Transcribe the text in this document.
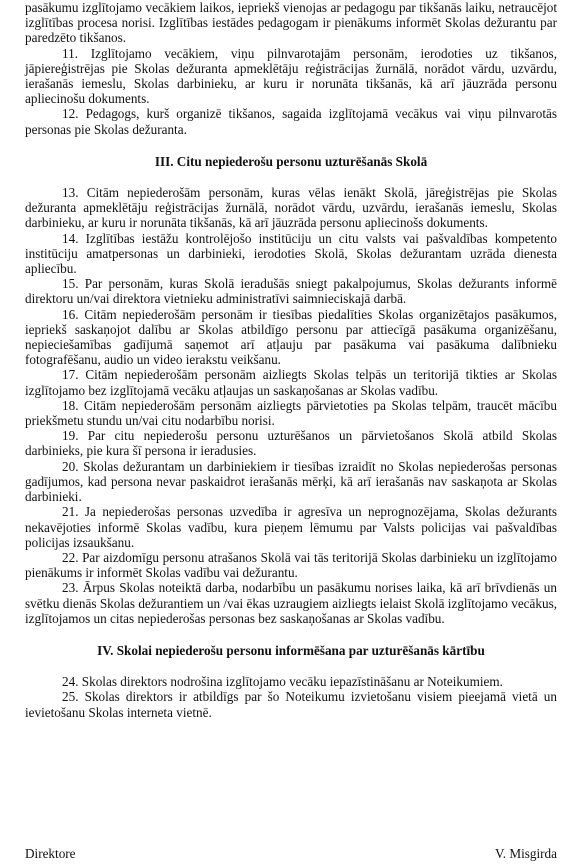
pasākumu izglītojamo vecākiem laikos, iepriekš vienojas ar pedagogu par tikšanās laiku, netraucējot izglītības procesa norisi. Izglītības iestādes pedagogam ir pienākums informēt Skolas dežurantu par paredzēto tikšanos.

11. Izglītojamo vecākiem, viņu pilnvarotajām personām, ierodoties uz tikšanos, jāpiereģistrējas pie Skolas dežuranta apmeklētāju reģistrācijas žurnālā, norādot vārdu, uzvārdu, ierašanās iemeslu, Skolas darbinieku, ar kuru ir norunāta tikšanās, kā arī jāuzrāda personu apliecinošu dokuments.

12. Pedagogs, kurš organizē tikšanos, sagaida izglītojamā vecākus vai viņu pilnvarotās personas pie Skolas dežuranta.

III. Citu nepiederošu personu uzturēšanās Skolā

13. Citām nepiederošām personām, kuras vēlas ienākt Skolā, jāreģistrējas pie Skolas dežuranta apmeklētāju reģistrācijas žurnālā, norādot vārdu, uzvārdu, ierašanās iemeslu, Skolas darbinieku, ar kuru ir norunāta tikšanās, kā arī jāuzrāda personu apliecinošs dokuments.

14. Izglītības iestāžu kontrolējošo institūciju un citu valsts vai pašvaldības kompetento institūciju amatpersonas un darbinieki, ierodoties Skolā, Skolas dežurantam uzrāda dienesta apliecību.

15. Par personām, kuras Skolā ieradušās sniegt pakalpojumus, Skolas dežurants informē direktoru un/vai direktora vietnieku administratīvi saimnieciskajā darbā.

16. Citām nepiederošām personām ir tiesības piedalīties Skolas organizētajos pasākumos, iepriekš saskaņojot dalību ar Skolas atbildīgo personu par attiecīgā pasākuma organizēšanu, nepieciešamības gadījumā saņemot arī atļauju par pasākuma vai pasākuma dalībnieku fotografēšanu, audio un video ierakstu veikšanu.

17. Citām nepiederošām personām aizliegts Skolas telpās un teritorijā tikties ar Skolas izglītojamo bez izglītojamā vecāku atļaujas un saskaņošanas ar Skolas vadību.

18. Citām nepiederošām personām aizliegts pārvietoties pa Skolas telpām, traucēt mācību priekšmetu stundu un/vai citu nodarbību norisi.

19. Par citu nepiederošu personu uzturēšanos un pārvietošanos Skolā atbild Skolas darbinieks, pie kura šī persona ir ieradusies.

20. Skolas dežurantam un darbiniekiem ir tiesības izraidīt no Skolas nepiederošas personas gadījumos, kad persona nevar paskaidrot ierašanās mērķi, kā arī ierašanās nav saskaņota ar Skolas darbinieki.

21. Ja nepiederošas personas uzvedība ir agresīva un neprognozējama, Skolas dežurants nekavējoties informē Skolas vadību, kura pieņem lēmumu par Valsts policijas vai pašvaldības policijas izsaukšanu.

22. Par aizdomīgu personu atrašanos Skolā vai tās teritorijā Skolas darbinieku un izglītojamo pienākums ir informēt Skolas vadību vai dežurantu.

23. Ārpus Skolas noteiktā darba, nodarbību un pasākumu norises laika, kā arī brīvdienās un svētku dienās Skolas dežurantiem un /vai ēkas uzraugiem aizliegts ielaist Skolā izglītojamo vecākus, izglītojamos un citas nepiederošas personas bez saskaņošanas ar Skolas vadību.

IV. Skolai nepiederošu personu informēšana par uzturēšanās kārtību

24. Skolas direktors nodrošina izglītojamo vecāku iepazīstināšanu ar Noteikumiem.

25. Skolas direktors ir atbildīgs par šo Noteikumu izvietošanu visiem pieejamā vietā un ievietošanu Skolas interneta vietnē.

Direktore	V. Misgirda
